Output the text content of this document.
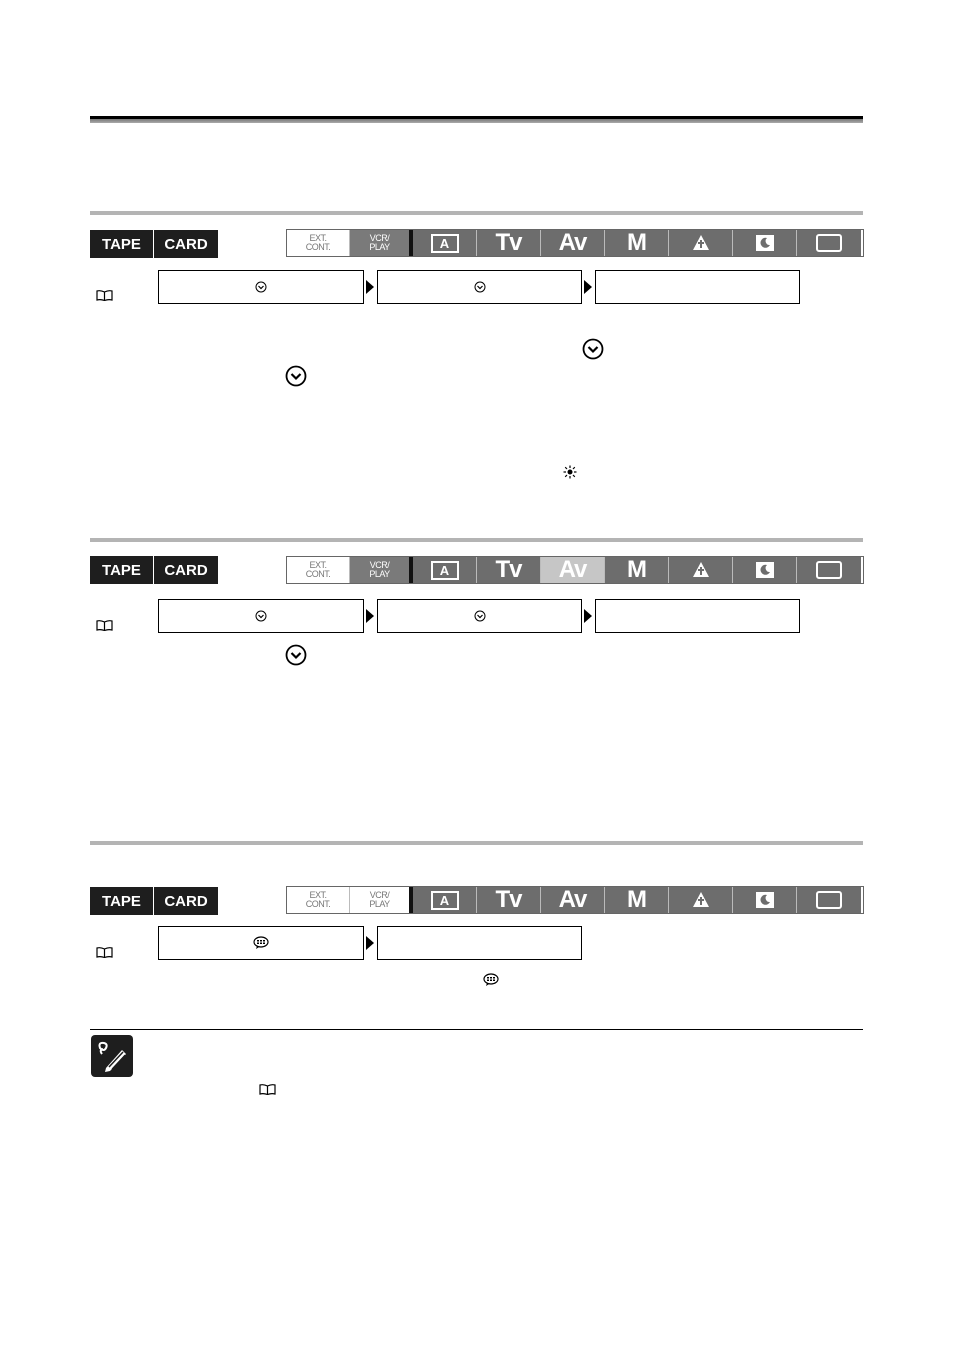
TAPE	CARD	EXT.
CONT.
VCR/
PLAY	A	Tv Av M
TAPE	CARD	EXT.
CONT.
VCR/
PLAY	A	Tv Av M
TAPE	CARD	EXT.
CONT.
VCR/
PLAY	A	Tv Av M
